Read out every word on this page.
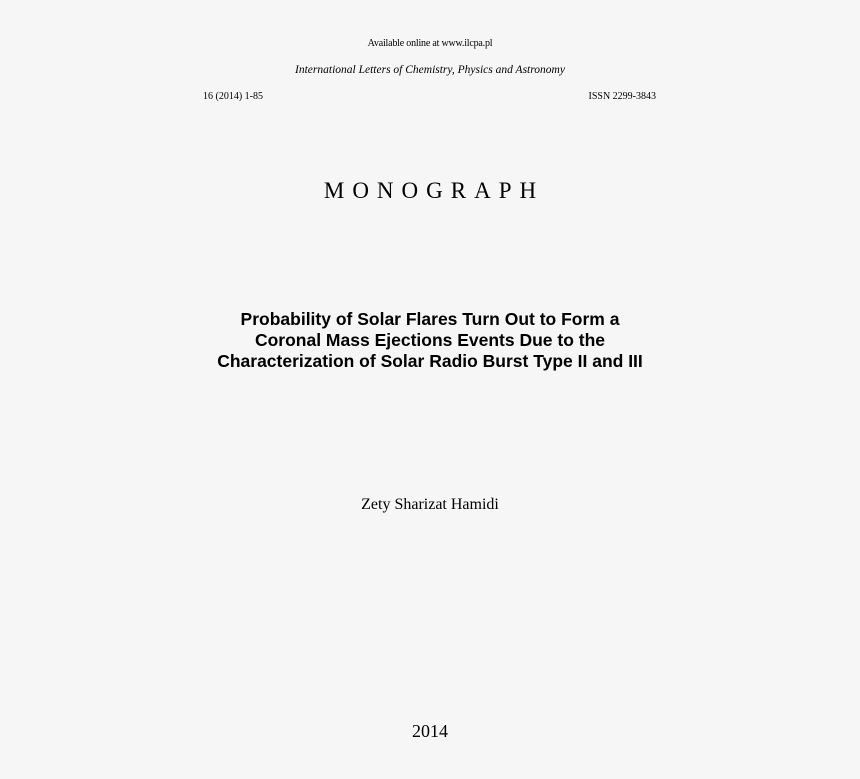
Available online at www.ilcpa.pl
International Letters of Chemistry, Physics and Astronomy
16 (2014) 1-85	ISSN 2299-3843
MONOGRAPH
Probability of Solar Flares Turn Out to Form a
Coronal Mass Ejections Events Due to the
Characterization of Solar Radio Burst Type II and III
Zety Sharizat Hamidi
2014
